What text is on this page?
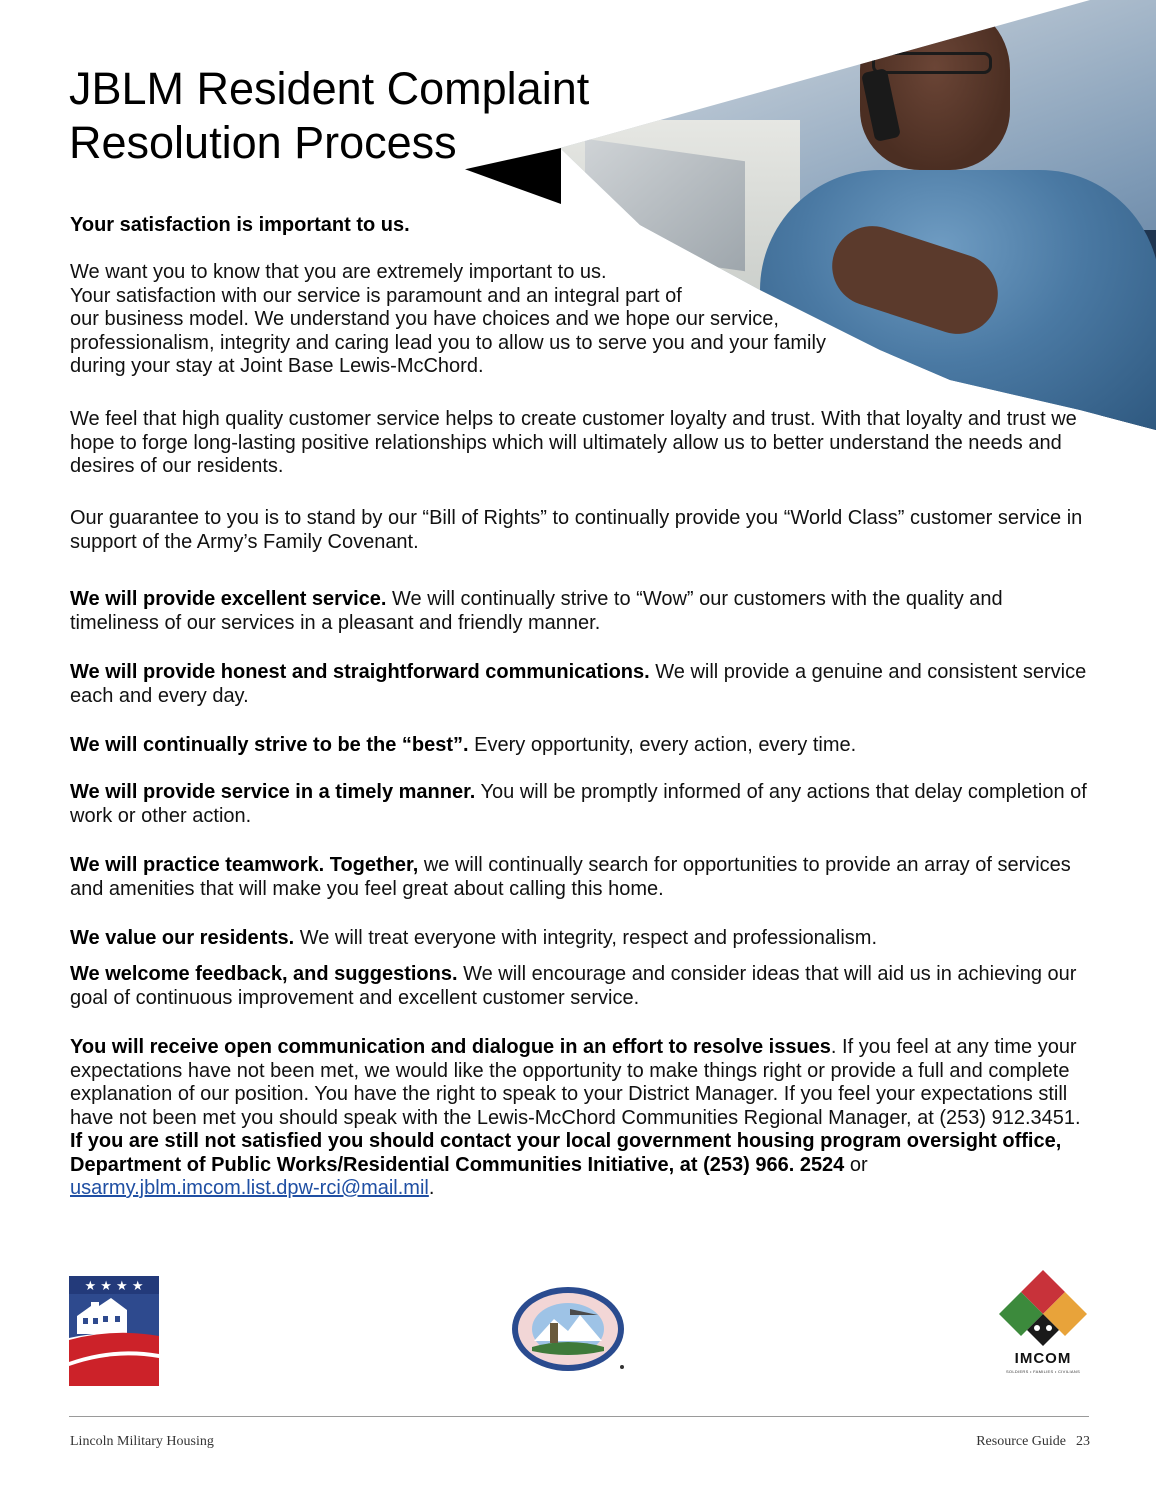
JBLM Resident Complaint
Resolution Process
Your satisfaction is important to us.
We want you to know that you are extremely important to us.
Your satisfaction with our service is paramount and an integral part of
our business model. We understand you have choices and we hope our service,
professionalism, integrity and caring lead you to allow us to serve you and your family
during your stay at Joint Base Lewis-McChord.
We feel that high quality customer service helps to create customer loyalty and trust. With that loyalty and trust we hope to forge long-lasting positive relationships which will ultimately allow us to better understand the needs and desires of our residents.
Our guarantee to you is to stand by our “Bill of Rights” to continually provide you “World Class” customer service in support of the Army’s Family Covenant.
We will provide excellent service. We will continually strive to “Wow” our customers with the quality and timeliness of our services in a pleasant and friendly manner.
We will provide honest and straightforward communications. We will provide a genuine and consistent service each and every day.
We will continually strive to be the “best”. Every opportunity, every action, every time.
We will provide service in a timely manner. You will be promptly informed of any actions that delay completion of work or other action.
We will practice teamwork. Together, we will continually search for opportunities to provide an array of services and amenities that will make you feel great about calling this home.
We value our residents. We will treat everyone with integrity, respect and professionalism.
We welcome feedback, and suggestions. We will encourage and consider ideas that will aid us in achieving our goal of continuous improvement and excellent customer service.
You will receive open communication and dialogue in an effort to resolve issues. If you feel at any time your expectations have not been met, we would like the opportunity to make things right or provide a full and complete explanation of our position. You have the right to speak to your District Manager. If you feel your expectations still have not been met you should speak with the Lewis-McChord Communities Regional Manager, at (253) 912.3451. If you are still not satisfied you should contact your local government housing program oversight office, Department of Public Works/Residential Communities Initiative, at (253) 966. 2524 or usarmy.jblm.imcom.list.dpw-rci@mail.mil.
★ ★ ★ ★
IMCOM
SOLDIERS • FAMILIES • CIVILIANS
Lincoln Military Housing	Resource Guide 23
